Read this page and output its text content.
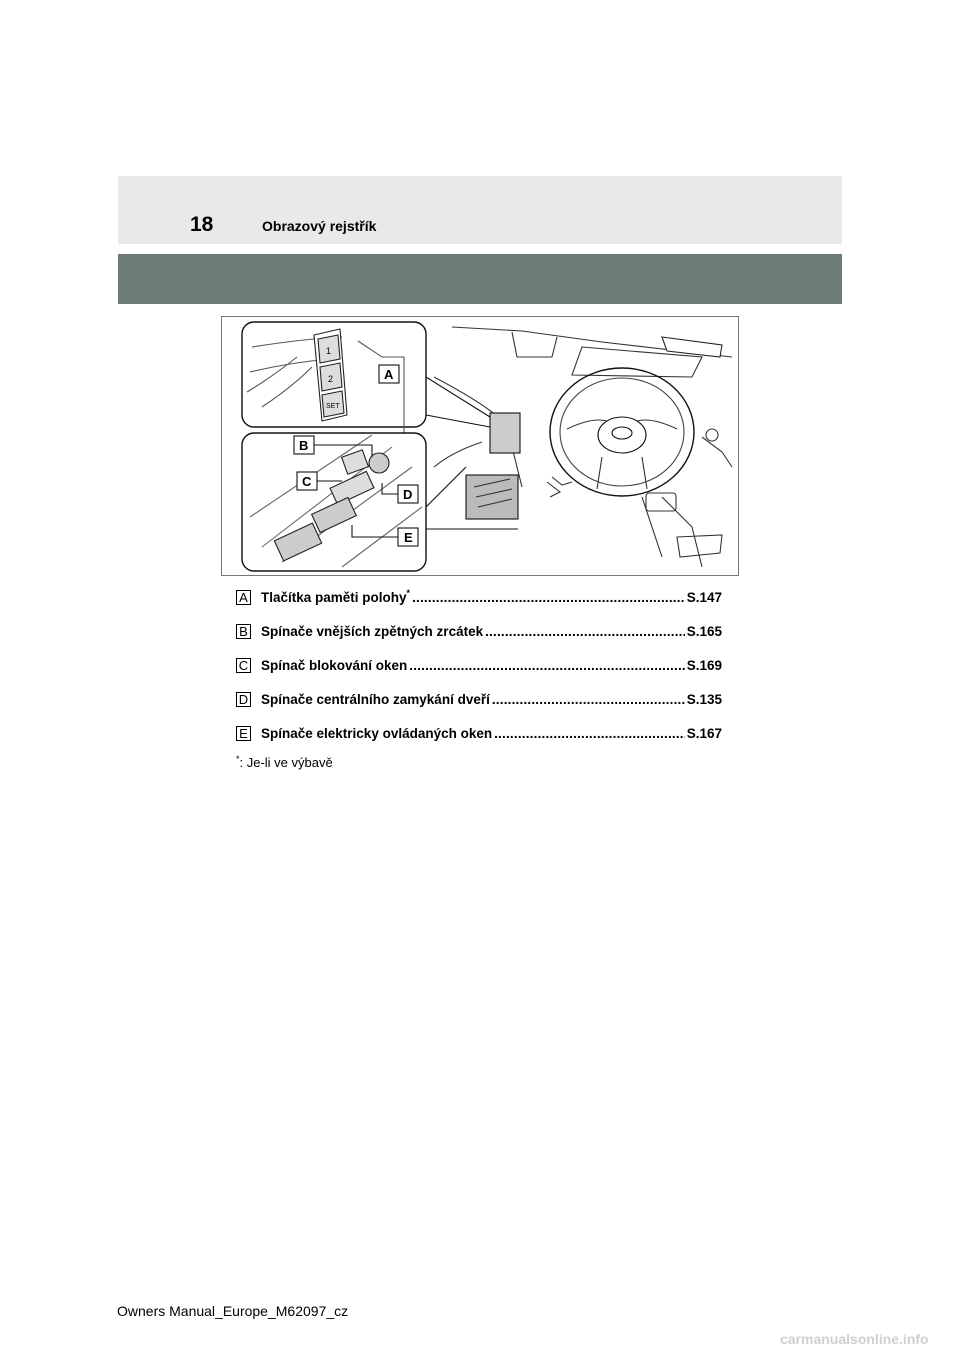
18	Obrazový rejstřík
1
2
SET
A
B
C
D
E
A Tlačítka paměti polohy* .....	S.147
B Spínače vnějších zpětných zrcátek .....	S.165
C Spínač blokování oken .....	S.169
D Spínače centrálního zamykání dveří .....	S.135
E Spínače elektricky ovládaných oken .....	S.167
*: Je-li ve výbavě
Owners Manual_Europe_M62097_cz
carmanualsonline.info
